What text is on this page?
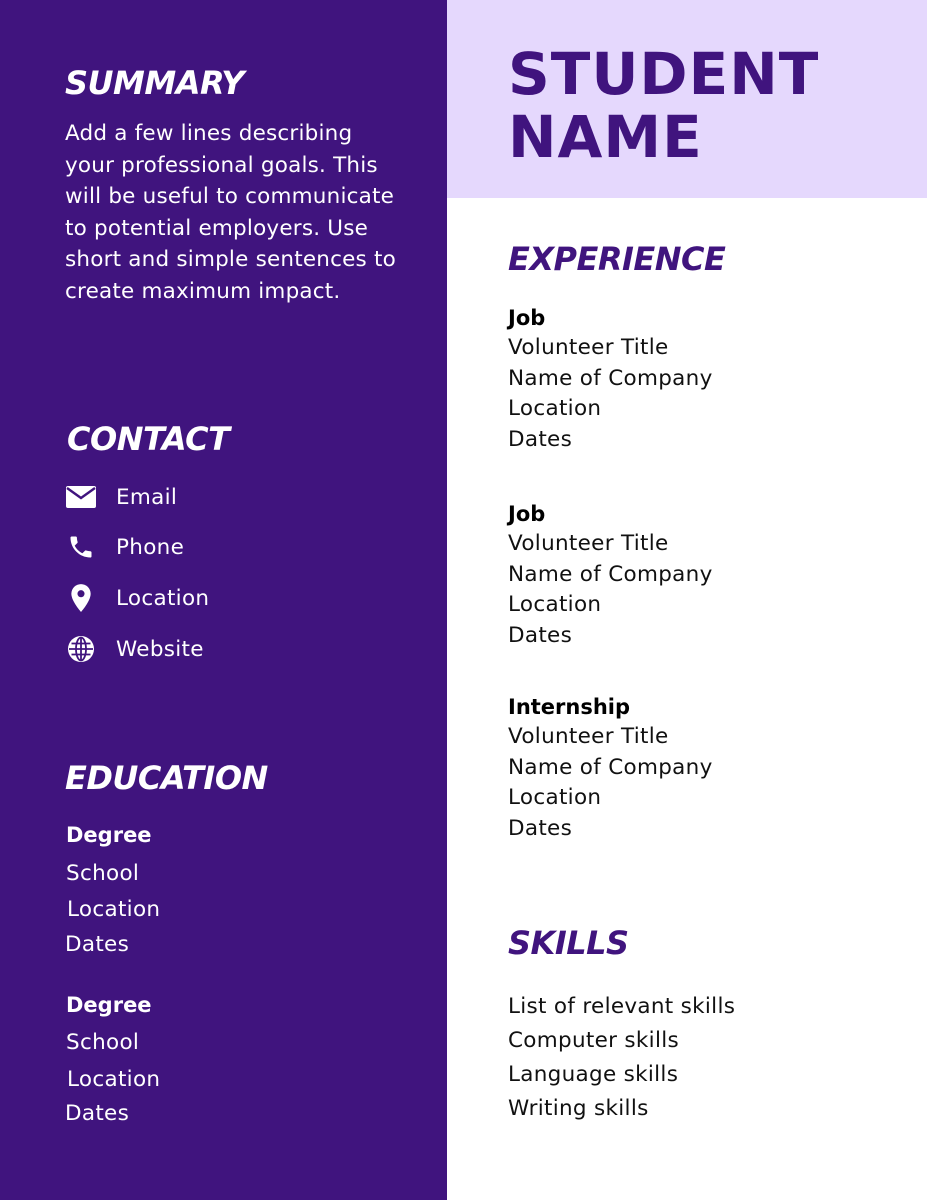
SUMMARY
Add a few lines describing your professional goals. This will be useful to communicate to potential employers. Use short and simple sentences to create maximum impact.
CONTACT
Email
Phone
Location
Website
EDUCATION
Degree
School
Location
Dates
Degree
School
Location
Dates
STUDENT
NAME
EXPERIENCE
Job
Volunteer Title
Name of Company
Location
Dates
Job
Volunteer Title
Name of Company
Location
Dates
Internship
Volunteer Title
Name of Company
Location
Dates
SKILLS
List of relevant skills
Computer skills
Language skills
Writing skills
